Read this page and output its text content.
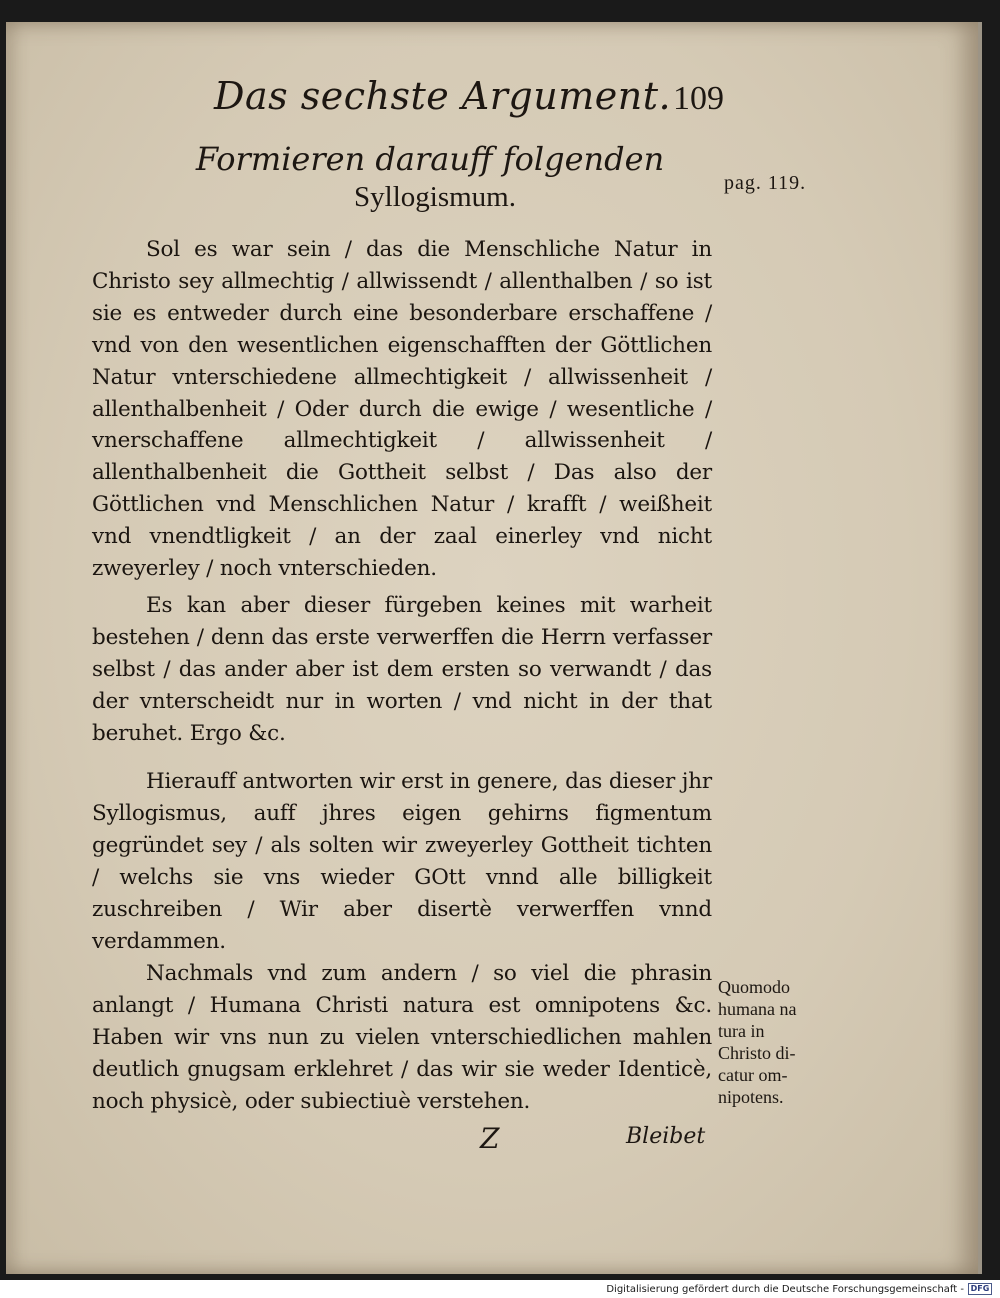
Das sechste Argument. 109
Formieren darauff folgenden
Syllogismum.	pag. 119.

Sol es war sein / das die Menschliche Natur in Christo sey allmechtig / allwissendt / allenthalben / so ist sie es entweder durch eine besonderbare erschaffene / vnd von den wesentlichen eigenschafften der Göttlichen Natur vnterschiedene allmechtigkeit / allwissenheit / allenthalbenheit / Oder durch die ewige / wesentliche / vnerschaffene allmechtigkeit / allwissenheit / allenthalbenheit die Gottheit selbst / Das also der Göttlichen vnd Menschlichen Natur / krafft / weißheit vnd vnendtligkeit / an der zaal einerley vnd nicht zweyerley / noch vnterschieden.

Es kan aber dieser fürgeben keines mit warheit bestehen / denn das erste verwerffen die Herrn verfasser selbst / das ander aber ist dem ersten so verwandt / das der vnterscheidt nur in worten / vnd nicht in der that beruhet. Ergo &c.

Hierauff antworten wir erst in genere, das dieser jhr Syllogismus, auff jhres eigen gehirns figmentum gegründet sey / als solten wir zweyerley Gottheit tichten / welchs sie vns wieder GOtt vnnd alle billigkeit zuschreiben / Wir aber disertè verwerffen vnnd verdammen.

Nachmals vnd zum andern / so viel die phrasin anlangt / Humana Christi natura est omnipotens &c. Haben wir vns nun zu vielen vnterschiedlichen mahlen deutlich gnugsam erklehret / das wir sie weder Identicè, noch physicè, oder subiectiuè verstehen.

Quomodo
humana na
tura in
Christo di-
catur om-
nipotens.
Z	Bleibet
Digitalisierung gefördert durch die Deutsche Forschungsgemeinschaft - DFG
